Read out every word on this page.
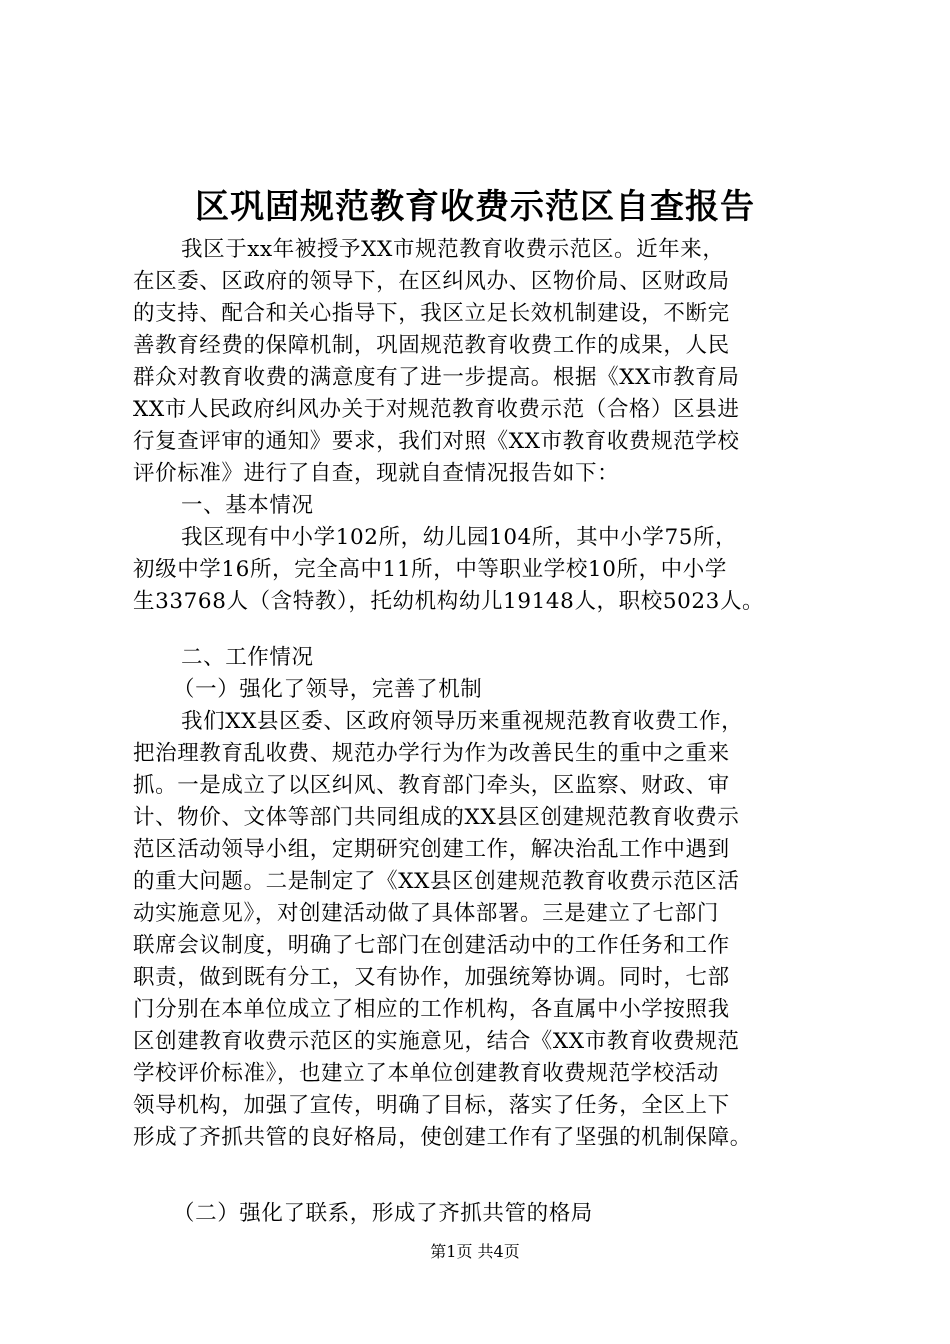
区巩固规范教育收费示范区自查报告
我区于xx年被授予XX市规范教育收费示范区。近年来，
在区委、区政府的领导下，在区纠风办、区物价局、区财政局
的支持、配合和关心指导下，我区立足长效机制建设，不断完
善教育经费的保障机制，巩固规范教育收费工作的成果，人民
群众对教育收费的满意度有了进一步提高。根据《XX市教育局
XX市人民政府纠风办关于对规范教育收费示范（合格）区县进
行复查评审的通知》要求，我们对照《XX市教育收费规范学校
评价标准》进行了自查，现就自查情况报告如下：
一、基本情况
我区现有中小学102所，幼儿园104所，其中小学75所，
初级中学16所，完全高中11所，中等职业学校10所，中小学
生33768人（含特教），托幼机构幼儿19148人，职校5023人。
二、工作情况
（一）强化了领导，完善了机制
我们XX县区委、区政府领导历来重视规范教育收费工作，
把治理教育乱收费、规范办学行为作为改善民生的重中之重来
抓。一是成立了以区纠风、教育部门牵头，区监察、财政、审
计、物价、文体等部门共同组成的XX县区创建规范教育收费示
范区活动领导小组，定期研究创建工作，解决治乱工作中遇到
的重大问题。二是制定了《XX县区创建规范教育收费示范区活
动实施意见》，对创建活动做了具体部署。三是建立了七部门
联席会议制度，明确了七部门在创建活动中的工作任务和工作
职责，做到既有分工，又有协作，加强统筹协调。同时，七部
门分别在本单位成立了相应的工作机构，各直属中小学按照我
区创建教育收费示范区的实施意见，结合《XX市教育收费规范
学校评价标准》，也建立了本单位创建教育收费规范学校活动
领导机构，加强了宣传，明确了目标，落实了任务，全区上下
形成了齐抓共管的良好格局，使创建工作有了坚强的机制保障。
（二）强化了联系，形成了齐抓共管的格局
第1页 共4页
